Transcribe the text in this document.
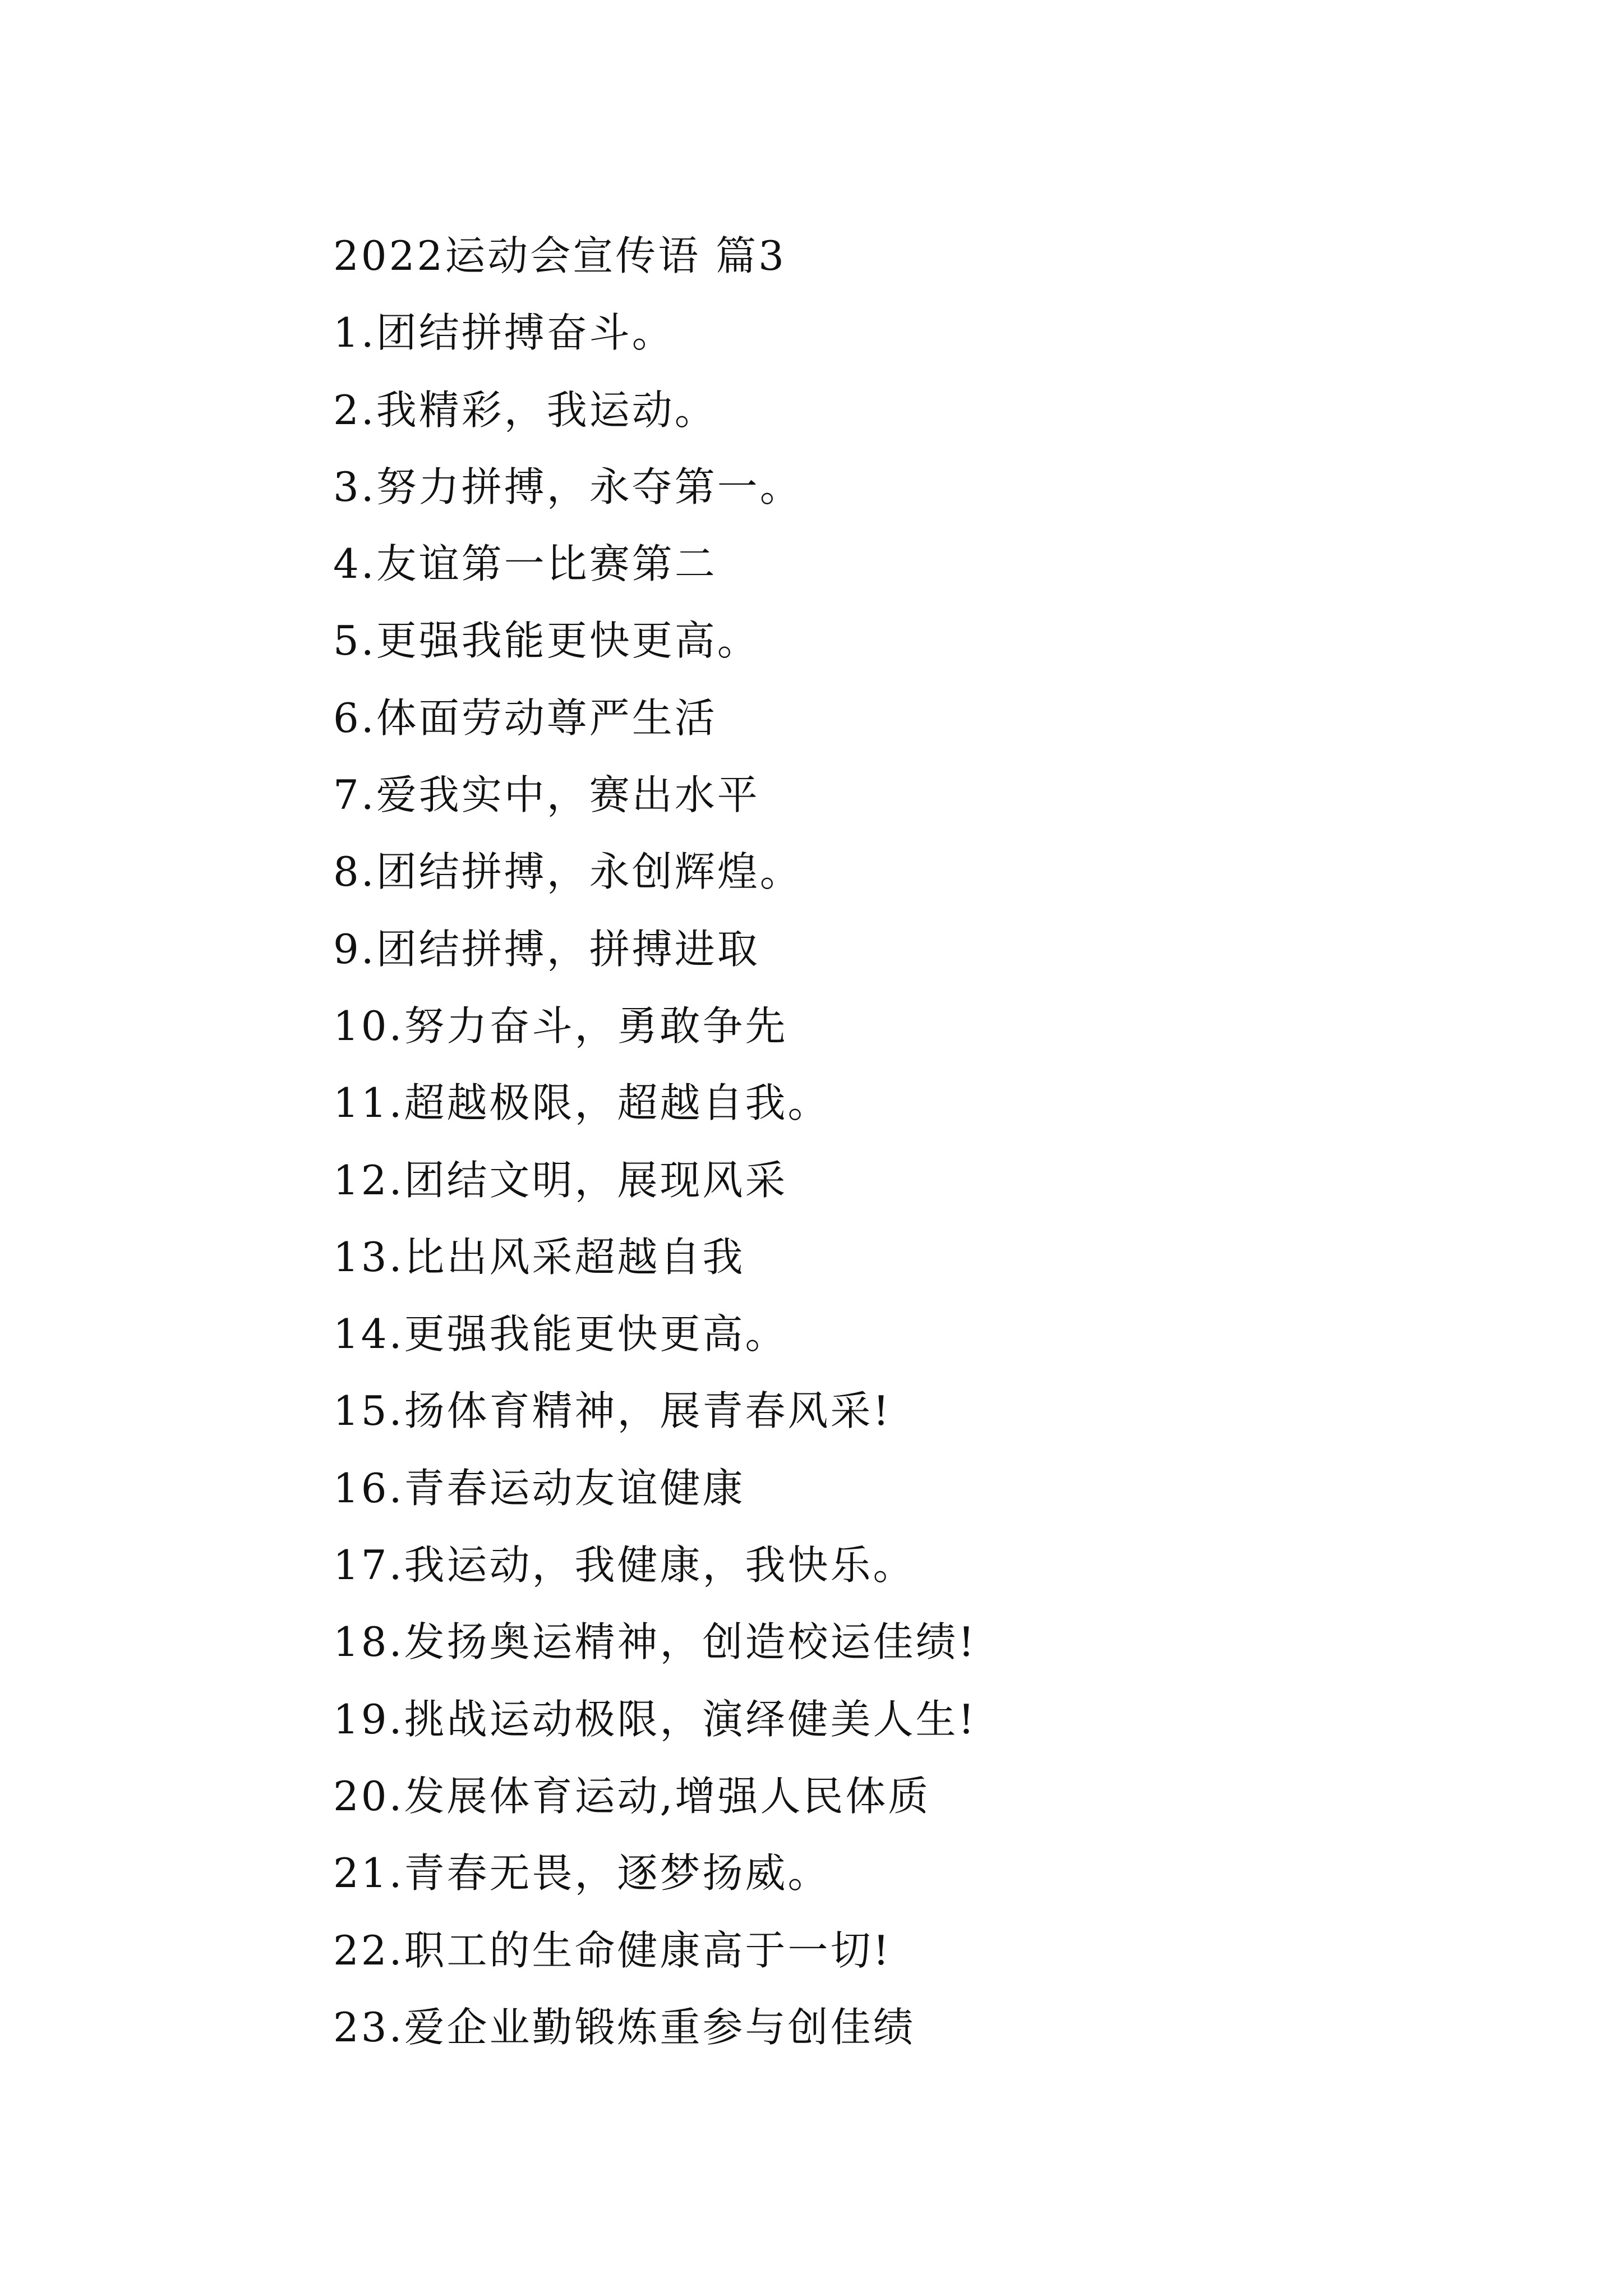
2022运动会宣传语 篇3
1.团结拼搏奋斗。
2.我精彩，我运动。
3.努力拼搏，永夺第一。
4.友谊第一比赛第二
5.更强我能更快更高。
6.体面劳动尊严生活
7.爱我实中，赛出水平
8.团结拼搏，永创辉煌。
9.团结拼搏，拼搏进取
10.努力奋斗，勇敢争先
11.超越极限，超越自我。
12.团结文明，展现风采
13.比出风采超越自我
14.更强我能更快更高。
15.扬体育精神，展青春风采!
16.青春运动友谊健康
17.我运动，我健康，我快乐。
18.发扬奥运精神，创造校运佳绩!
19.挑战运动极限，演绎健美人生!
20.发展体育运动,增强人民体质
21.青春无畏，逐梦扬威。
22.职工的生命健康高于一切!
23.爱企业勤锻炼重参与创佳绩
